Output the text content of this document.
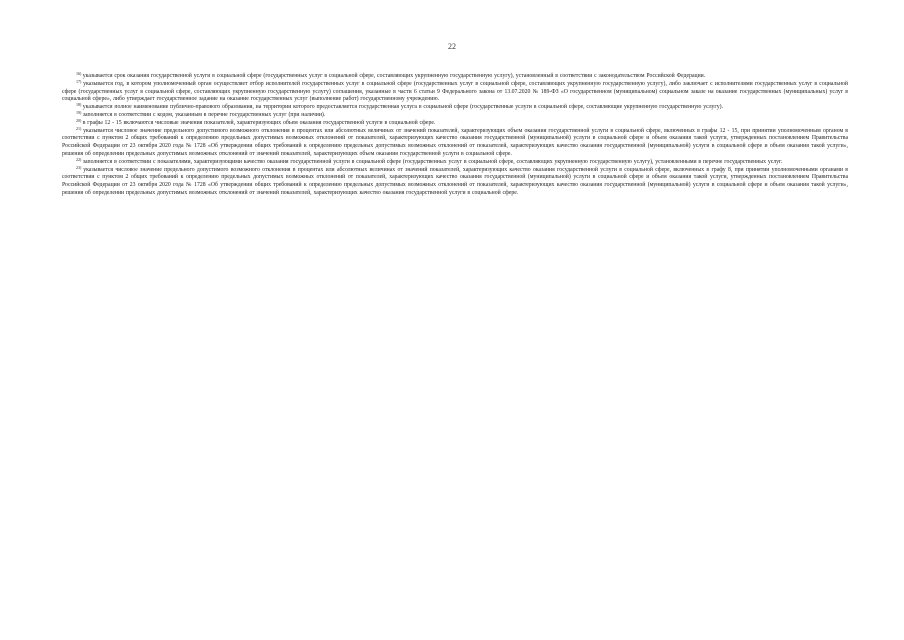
22

$^{16)}$указывается срок оказания государственной услуги в социальной сфере (государственных услуг в социальной сфере, составляющих укрупненную государственную услугу), установленный в соответствии с законодательством Российской Федерации.

$^{17)}$ указывается год, в котором уполномоченный орган осуществляет отбор исполнителей государственных услуг в социальной сфере (государственных услуг в социальной сфере, составляющих укрупненную государственную услугу), либо заключает с исполнителями государственных услуг в социальной сфере (государственных услуг в социальной сфере, составляющих укрупненную государственную услугу) соглашения, указанные в части 6 статьи 9 Федерального закона от 13.07.2020 № 189-ФЗ «О государственном (муниципальном) социальном заказе на оказание государственных (муниципальных) услуг в социальной сфере», либо утверждает государственное задание на оказание государственных услуг (выполнение работ) государственному учреждению.

$^{18)}$указывается полное наименование публично-правового образования, на территории которого предоставляется государственная услуга в социальной сфере (государственные услуги в социальной сфере, составляющие укрупненную государственную услугу).

$^{19)}$заполняется в соответствии с кодом, указанным в перечне государственных услуг (при наличии).

$^{20)}$в графы 12 - 15 включаются числовые значения показателей, характеризующих объем оказания государственной услуги в социальной сфере.

$^{21)}$ указывается числовое значение предельного допустимого возможного отклонения в процентах или абсолютных величинах от значений показателей, характеризующих объем оказания государственной услуги в социальной сфере, включенных в графы 12 - 15, при принятии уполномоченным органом в соответствии с пунктом 2 общих требований к определению предельных допустимых возможных отклонений от показателей, характеризующих качество оказания государственной (муниципальной) услуги в социальной сфере и объем оказания такой услуги, утвержденных постановлением Правительства Российской Федерации от 23 октября 2020 года № 1728 «Об утверждении общих требований к определению предельных допустимых возможных отклонений от показателей, характеризующих качество оказания государственной (муниципальной) услуги в социальной сфере и объем оказания такой услуги», решения об определении предельных допустимых возможных отклонений от значений показателей, характеризующих объем оказания государственной услуги в социальной сфере.

$^{22)}$заполняется в соответствии с показателями, характеризующими качество оказания государственной услуги в социальной сфере (государственных услуг в социальной сфере, составляющих укрупненную государственную услугу), установленными в перечне государственных услуг.

$^{23)}$ указывается числовое значение предельного допустимого возможного отклонения в процентах или абсолютных величинах от значений показателей, характеризующих качество оказания государственной услуги в социальной сфере, включенных в графу 8, при принятии уполномоченными органами в соответствии с пунктом 2 общих требований к определению предельных допустимых возможных отклонений от показателей, характеризующих качество оказания государственной (муниципальной) услуги в социальной сфере и объем оказания такой услуги, утвержденных постановлением Правительства Российской Федерации от 23 октября 2020 года № 1728 «Об утверждении общих требований к определению предельных допустимых возможных отклонений от показателей, характеризующих качество оказания государственной (муниципальной) услуги в социальной сфере и объем оказания такой услуги», решения об определении предельных допустимых возможных отклонений от значений показателей, характеризующих качество оказания государственной услуги в социальной сфере.
